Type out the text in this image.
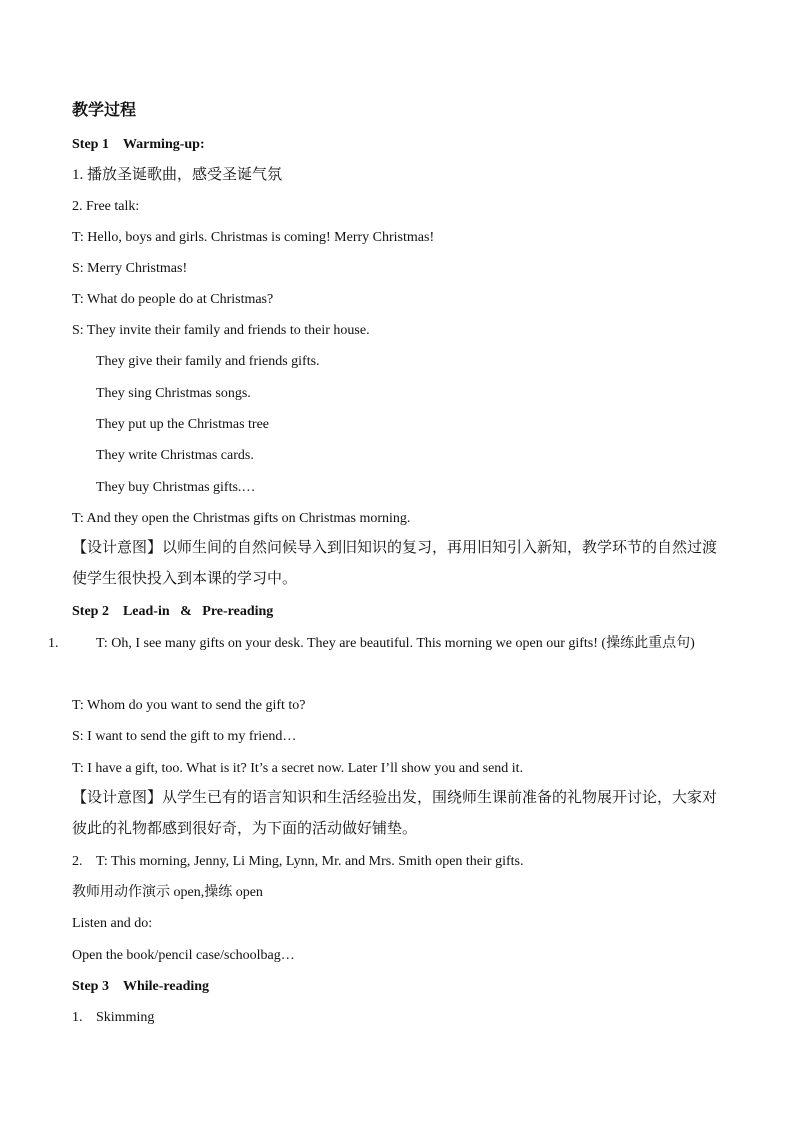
教学过程
Step 1    Warming-up:
1. 播放圣诞歌曲，感受圣诞气氛
2. Free talk:
T: Hello, boys and girls. Christmas is coming! Merry Christmas!
S: Merry Christmas!
T: What do people do at Christmas?
S: They invite their family and friends to their house.
They give their family and friends gifts.
They sing Christmas songs.
They put up the Christmas tree
They write Christmas cards.
They buy Christmas gifts.…
T: And they open the Christmas gifts on Christmas morning.
【设计意图】以师生间的自然问候导入到旧知识的复习，再用旧知引入新知，教学环节的自然过渡使学生很快投入到本课的学习中。
Step 2    Lead-in   &   Pre-reading
1.	T: Oh, I see many gifts on your desk. They are beautiful. This morning we open our gifts! (操练此重点句)
T: Whom do you want to send the gift to?
S: I want to send the gift to my friend…
T: I have a gift, too. What is it? It’s a secret now. Later I’ll show you and send it.
【设计意图】从学生已有的语言知识和生活经验出发，围绕师生课前准备的礼物展开讨论，大家对彼此的礼物都感到很好奇，为下面的活动做好铺垫。
2. T: This morning, Jenny, Li Ming, Lynn, Mr. and Mrs. Smith open their gifts.
教师用动作演示 open,操练 open
Listen and do:
Open the book/pencil case/schoolbag…
Step 3    While-reading
1. Skimming
